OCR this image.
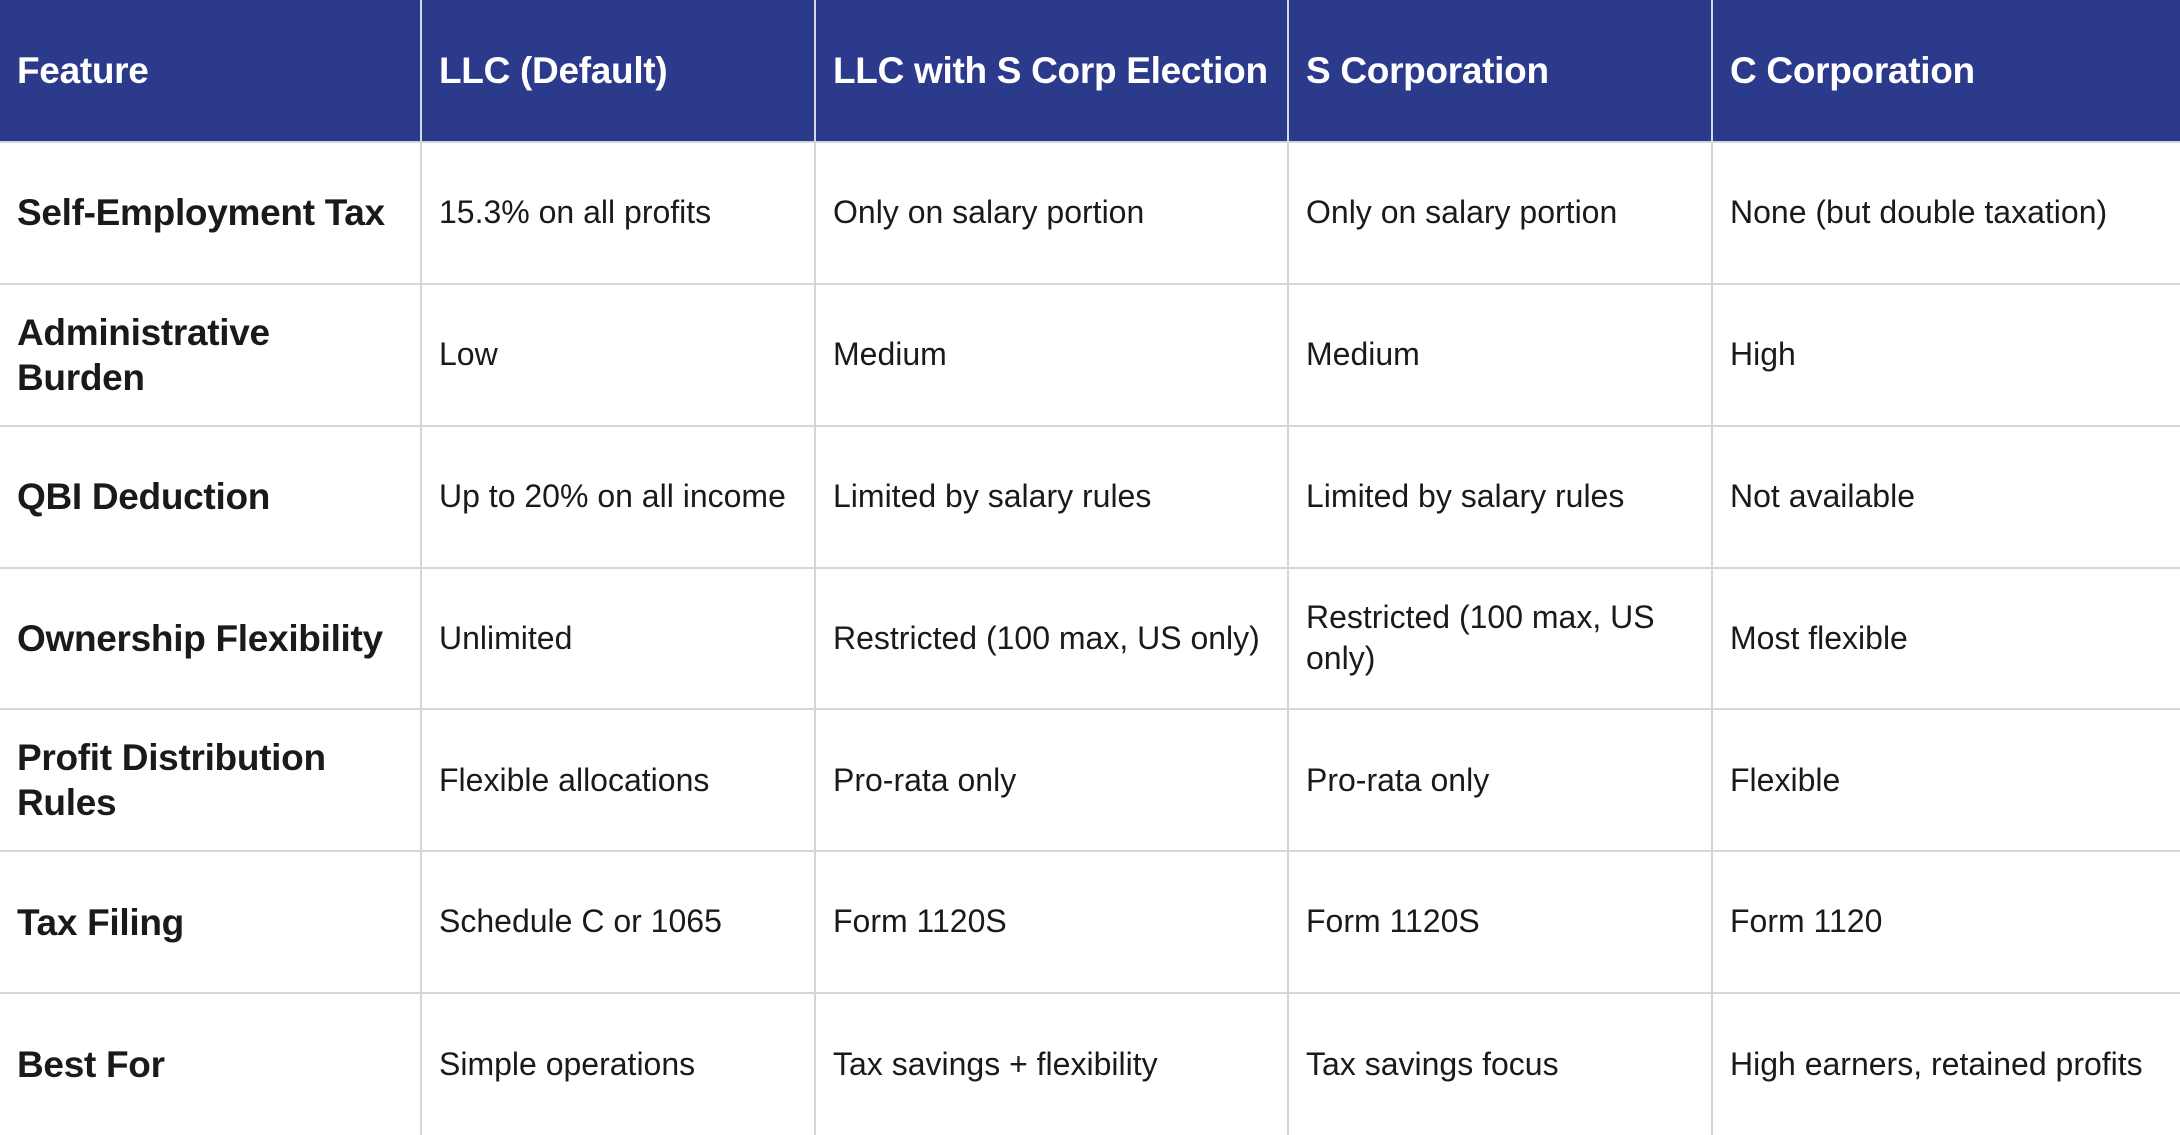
Feature	LLC (Default)	LLC with S Corp Election	S Corporation	C Corporation
Self-Employment Tax	15.3% on all profits	Only on salary portion	Only on salary portion	None (but double taxation)
Administrative Burden	Low	Medium	Medium	High
QBI Deduction	Up to 20% on all income	Limited by salary rules	Limited by salary rules	Not available
Ownership Flexibility	Unlimited	Restricted (100 max, US only)	Restricted (100 max, US only)	Most flexible
Profit Distribution Rules	Flexible allocations	Pro-rata only	Pro-rata only	Flexible
Tax Filing	Schedule C or 1065	Form 1120S	Form 1120S	Form 1120
Best For	Simple operations	Tax savings + flexibility	Tax savings focus	High earners, retained profits
